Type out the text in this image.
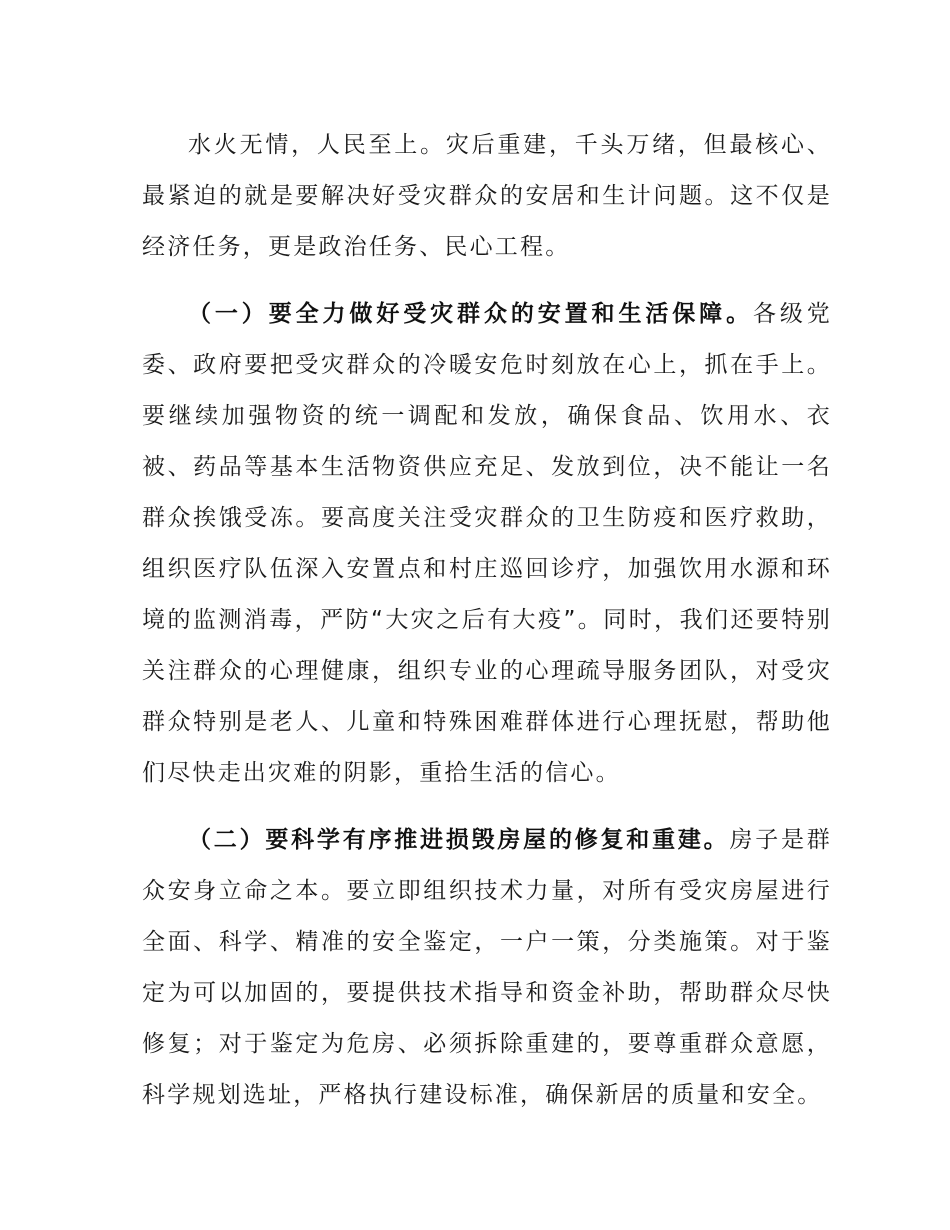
水火无情，人民至上。灾后重建，千头万绪，但最核心、最紧迫的就是要解决好受灾群众的安居和生计问题。这不仅是经济任务，更是政治任务、民心工程。

（一）要全力做好受灾群众的安置和生活保障。各级党委、政府要把受灾群众的冷暖安危时刻放在心上，抓在手上。要继续加强物资的统一调配和发放，确保食品、饮用水、衣被、药品等基本生活物资供应充足、发放到位，决不能让一名群众挨饿受冻。要高度关注受灾群众的卫生防疫和医疗救助，组织医疗队伍深入安置点和村庄巡回诊疗，加强饮用水源和环境的监测消毒，严防“大灾之后有大疫”。同时，我们还要特别关注群众的心理健康，组织专业的心理疏导服务团队，对受灾群众特别是老人、儿童和特殊困难群体进行心理抚慰，帮助他们尽快走出灾难的阴影，重拾生活的信心。

（二）要科学有序推进损毁房屋的修复和重建。房子是群众安身立命之本。要立即组织技术力量，对所有受灾房屋进行全面、科学、精准的安全鉴定，一户一策，分类施策。对于鉴定为可以加固的，要提供技术指导和资金补助，帮助群众尽快修复；对于鉴定为危房、必须拆除重建的，要尊重群众意愿，科学规划选址，严格执行建设标准，确保新居的质量和安全。
